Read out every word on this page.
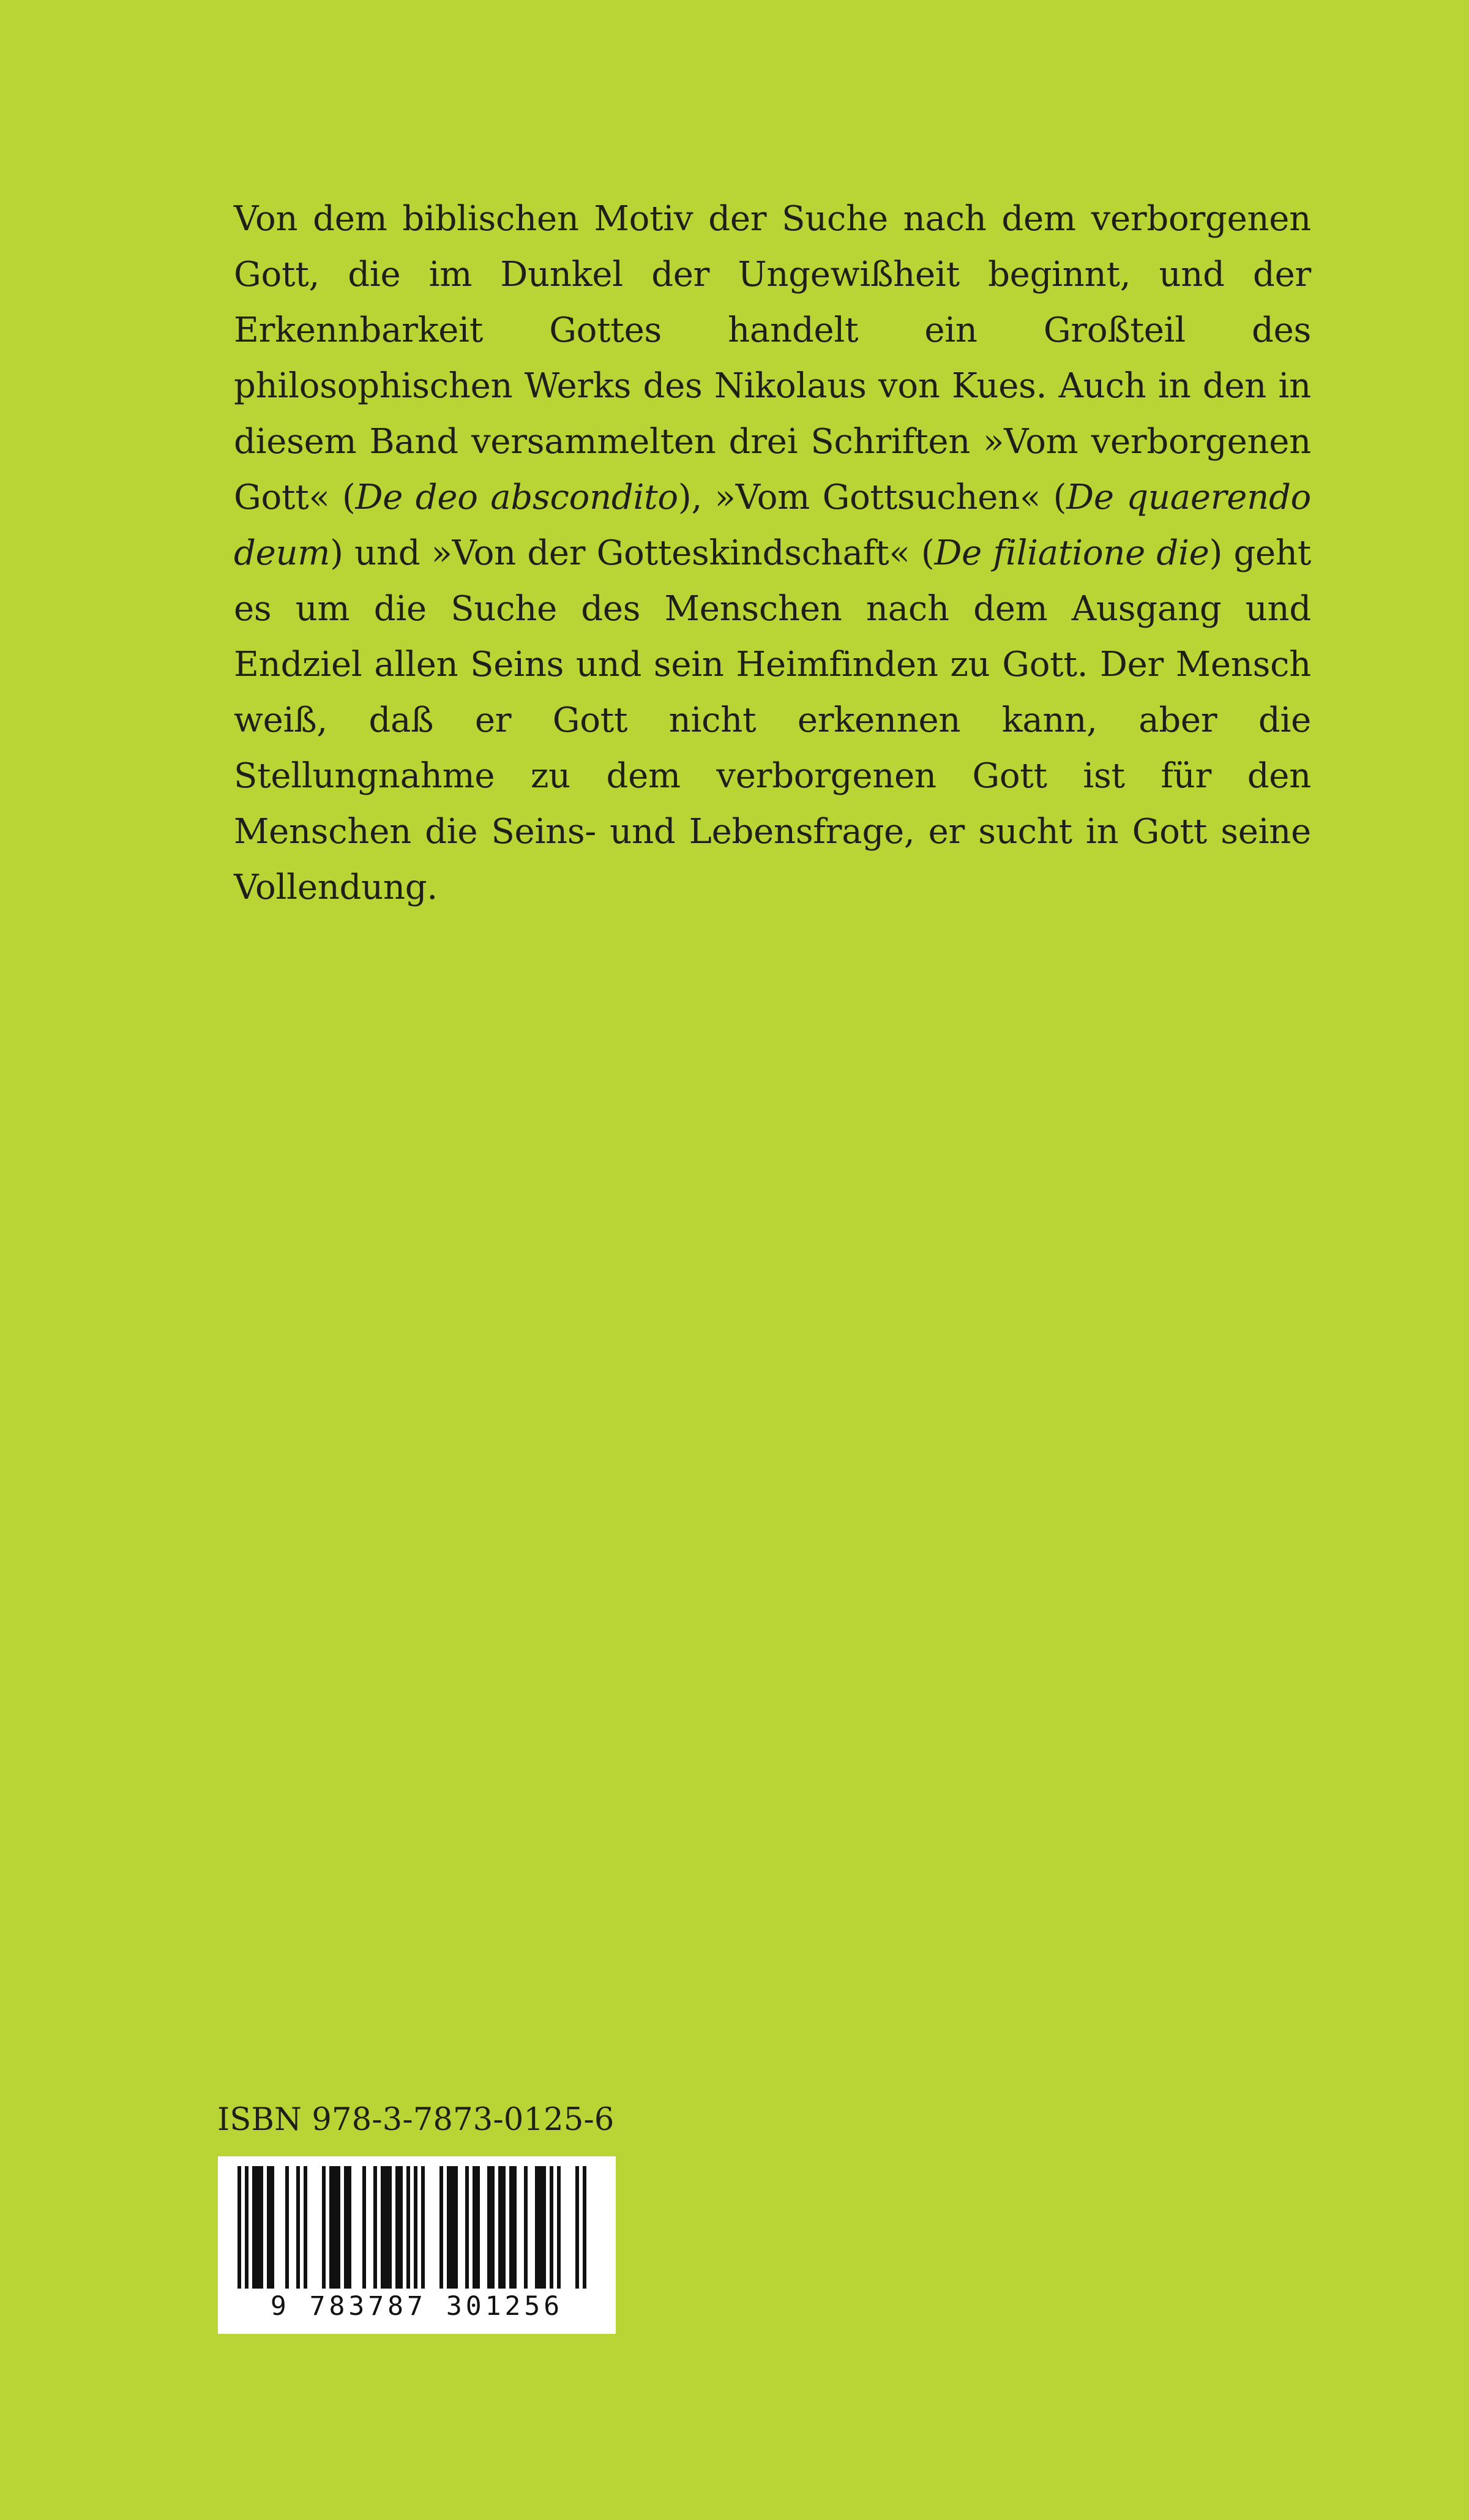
Von dem biblischen Motiv der Suche nach dem verborgenen Gott, die im Dunkel der Ungewißheit beginnt, und der Erkennbarkeit Gottes handelt ein Großteil des philosophischen Werks des Nikolaus von Kues. Auch in den in diesem Band versammelten drei Schriften »Vom verborgenen Gott« (De deo abscondito), »Vom Gottsuchen« (De quaerendo deum) und »Von der Gotteskindschaft« (De filiatione die) geht es um die Suche des Menschen nach dem Ausgang und Endziel allen Seins und sein Heimfinden zu Gott. Der Mensch weiß, daß er Gott nicht erkennen kann, aber die Stellungnahme zu dem verborgenen Gott ist für den Menschen die Seins- und Lebensfrage, er sucht in Gott seine Vollendung.

ISBN 978-3-7873-0125-6
9 783787 301256
